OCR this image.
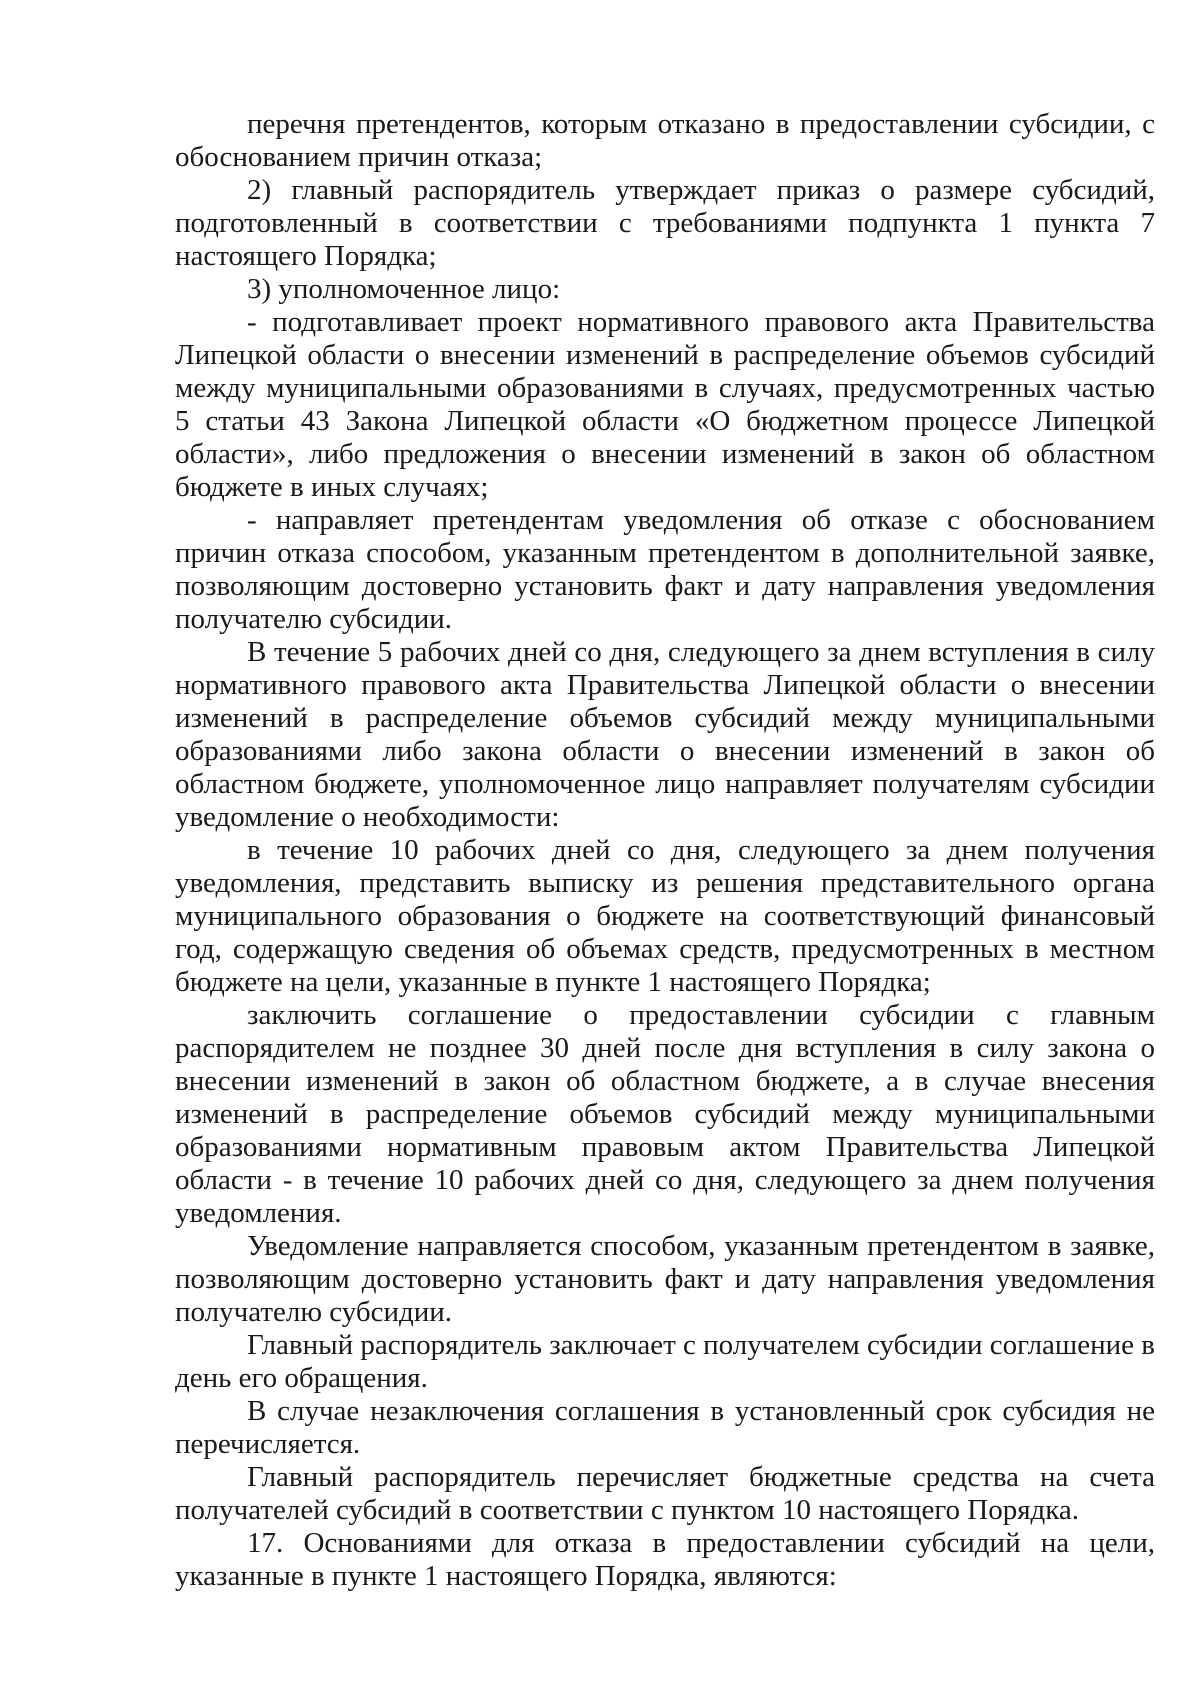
перечня претендентов, которым отказано в предоставлении субсидии, с обоснованием причин отказа;

2) главный распорядитель утверждает приказ о размере субсидий, подготовленный в соответствии с требованиями подпункта 1 пункта 7 настоящего Порядка;

3) уполномоченное лицо:

- подготавливает проект нормативного правового акта Правительства Липецкой области о внесении изменений в распределение объемов субсидий между муниципальными образованиями в случаях, предусмотренных частью 5 статьи 43 Закона Липецкой области «О бюджетном процессе Липецкой области», либо предложения о внесении изменений в закон об областном бюджете в иных случаях;

- направляет претендентам уведомления об отказе с обоснованием причин отказа способом, указанным претендентом в дополнительной заявке, позволяющим достоверно установить факт и дату направления уведомления получателю субсидии.

В течение 5 рабочих дней со дня, следующего за днем вступления в силу нормативного правового акта Правительства Липецкой области о внесении изменений в распределение объемов субсидий между муниципальными образованиями либо закона области о внесении изменений в закон об областном бюджете, уполномоченное лицо направляет получателям субсидии уведомление о необходимости:

в течение 10 рабочих дней со дня, следующего за днем получения уведомления, представить выписку из решения представительного органа муниципального образования о бюджете на соответствующий финансовый год, содержащую сведения об объемах средств, предусмотренных в местном бюджете на цели, указанные в пункте 1 настоящего Порядка;

заключить соглашение о предоставлении субсидии с главным распорядителем не позднее 30 дней после дня вступления в силу закона о внесении изменений в закон об областном бюджете, а в случае внесения изменений в распределение объемов субсидий между муниципальными образованиями нормативным правовым актом Правительства Липецкой области - в течение 10 рабочих дней со дня, следующего за днем получения уведомления.

Уведомление направляется способом, указанным претендентом в заявке, позволяющим достоверно установить факт и дату направления уведомления получателю субсидии.

Главный распорядитель заключает с получателем субсидии соглашение в день его обращения.

В случае незаключения соглашения в установленный срок субсидия не перечисляется.

Главный распорядитель перечисляет бюджетные средства на счета получателей субсидий в соответствии с пунктом 10 настоящего Порядка.

17. Основаниями для отказа в предоставлении субсидий на цели, указанные в пункте 1 настоящего Порядка, являются:
